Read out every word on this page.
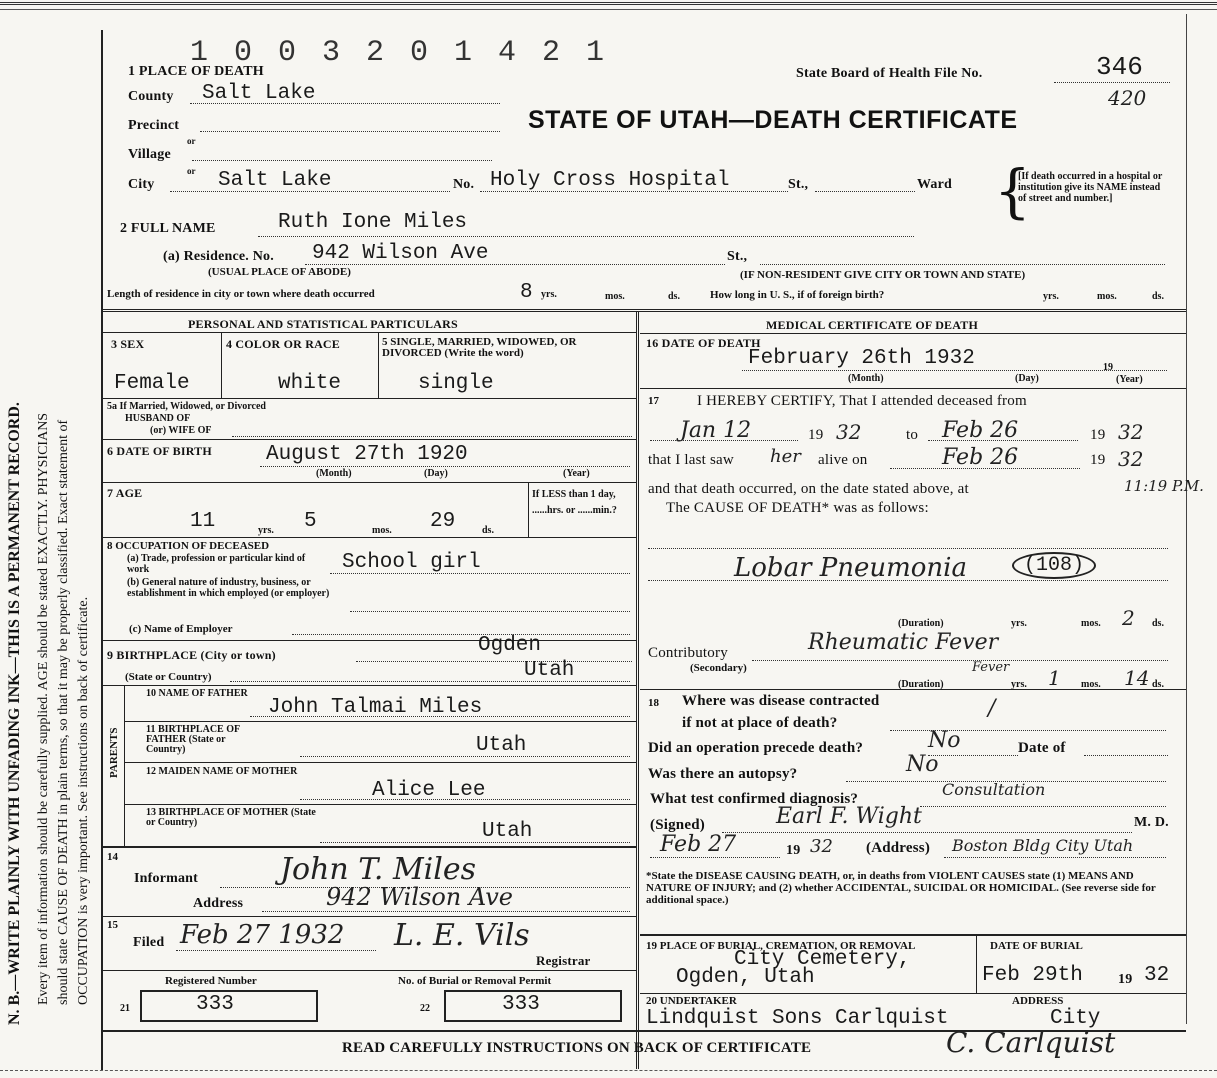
N. B.—WRITE PLAINLY WITH UNFADING INK—THIS IS A PERMANENT RECORD. Every item of information should be carefully supplied. AGE should be stated EXACTLY. PHYSICIANS should state CAUSE OF DEATH in plain terms, so that it may be properly classified. Exact statement of OCCUPATION is very important. See instructions on back of certificate.
1 0 0 3 2 0 1 4 2 1
State Board of Health File No.	346
420
STATE OF UTAH—DEATH CERTIFICATE
1 PLACE OF DEATH
County Salt Lake
Precinct
or
Village
or
City	Salt Lake	No. Holy Cross Hospital	St.,	Ward {
[If death occurred in a hospital or institution give its NAME instead of street and number.]
2 FULL NAME	Ruth Ione Miles
(a) Residence. No. 942 Wilson Ave	St.,
(USUAL PLACE OF ABODE)	(IF NON-RESIDENT GIVE CITY OR TOWN AND STATE)
Length of residence in city or town where death occurred	8 yrs.	mos.	ds.	How long in U. S., if of foreign birth?	yrs.	mos.	ds.
PERSONAL AND STATISTICAL PARTICULARS
3 SEX	4 COLOR OR RACE	5 SINGLE, MARRIED, WIDOWED, OR DIVORCED (Write the word)
Female	white	single
5a If Married, Widowed, or Divorced
HUSBAND OF
(or) WIFE OF
6 DATE OF BIRTH	August 27th 1920
(Month)	(Day)	(Year)
7 AGE
11	yrs. 5	mos. 29	ds.
If LESS than 1 day, ......hrs. or ......min.?
8 OCCUPATION OF DECEASED
(a) Trade, profession or particular kind of work	School girl
(b) General nature of industry, business, or establishment in which employed (or employer)
(c) Name of Employer
9 BIRTHPLACE (City or town)	Ogden
(State or Country)	Utah
PARENTS
10 NAME OF FATHER
John Talmai Miles
11 BIRTHPLACE OF FATHER (State or Country)	Utah
12 MAIDEN NAME OF MOTHER
Alice Lee
13 BIRTHPLACE OF MOTHER (State or Country)	Utah
14
Informant	John T. Miles
Address	942 Wilson Ave
15
Filed Feb 27 1932 L. E. Vils
Registrar
Registered Number
21	333
No. of Burial or Removal Permit
22	333
MEDICAL CERTIFICATE OF DEATH
16 DATE OF DEATH
February 26th 1932	19
(Month)	(Day)	(Year)
17	I HEREBY CERTIFY, That I attended deceased from
Jan 12	19 32	to Feb 26	19 32
that I last saw her alive on	Feb 26	19 32
and that death occurred, on the date stated above, at	11:19 P.M.
The CAUSE OF DEATH* was as follows:
Lobar Pneumonia	(108)
(Duration)	yrs.	mos. 2 ds.
Contributory	Rheumatic Fever
(Secondary)	Fever
(Duration)	yrs. 1 mos. 14 ds.
18 Where was disease contracted
if not at place of death?
/
Did an operation precede death?	No	Date of
Was there an autopsy?	No
What test confirmed diagnosis?	Consultation
(Signed)	Earl F. Wight	M. D.
Feb 27	19 32 (Address) Boston Bldg City Utah
*State the DISEASE CAUSING DEATH, or, in deaths from VIOLENT CAUSES state (1) MEANS AND NATURE OF INJURY; and (2) whether ACCIDENTAL, SUICIDAL OR HOMICIDAL. (See reverse side for additional space.)
19 PLACE OF BURIAL, CREMATION, OR REMOVAL
City Cemetery,
Ogden, Utah
DATE OF BURIAL
Feb 29th	19 32
20 UNDERTAKER	ADDRESS
Lindquist Sons Carlquist	City
C. Carlquist
READ CAREFULLY INSTRUCTIONS ON BACK OF CERTIFICATE
